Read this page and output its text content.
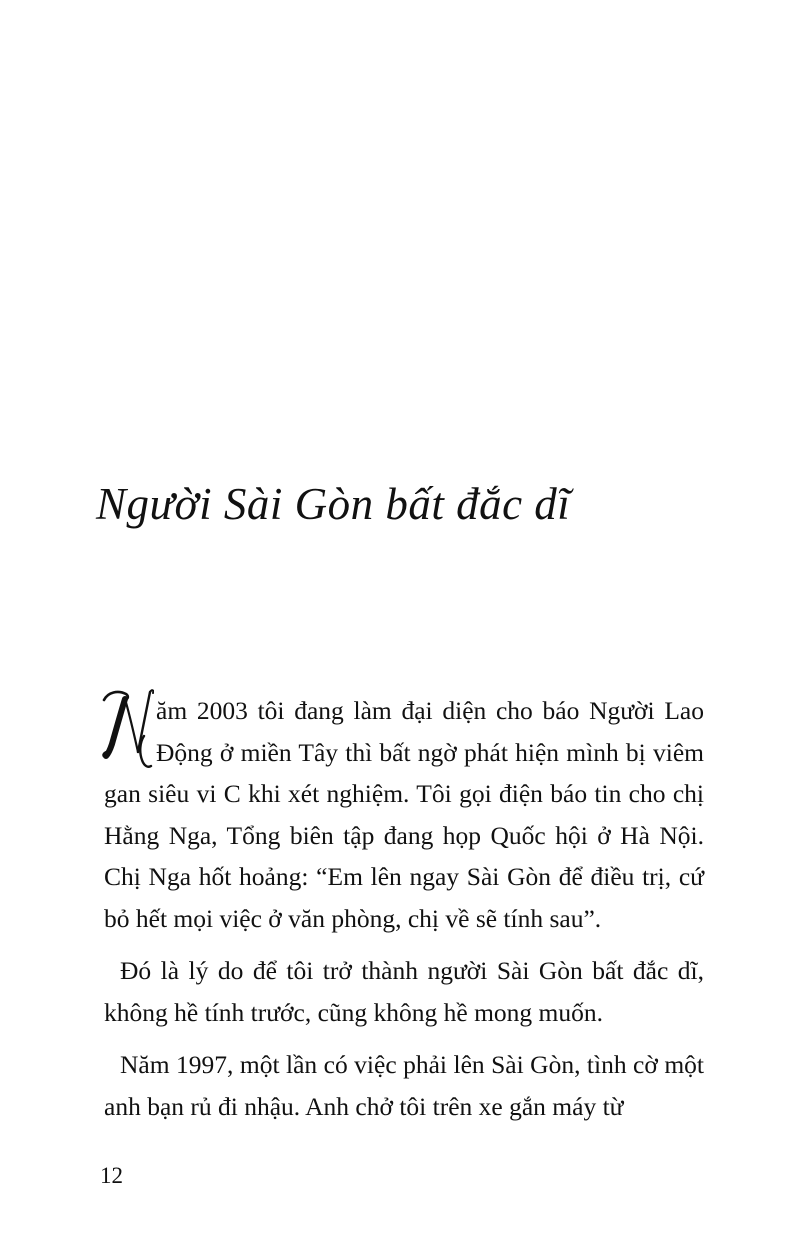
Người Sài Gòn bất đắc dĩ

ăm 2003 tôi đang làm đại diện cho báo Người Lao Động ở miền Tây thì bất ngờ phát hiện mình bị viêm gan siêu vi C khi xét nghiệm. Tôi gọi điện báo tin cho chị Hằng Nga, Tổng biên tập đang họp Quốc hội ở Hà Nội. Chị Nga hốt hoảng: “Em lên ngay Sài Gòn để điều trị, cứ bỏ hết mọi việc ở văn phòng, chị về sẽ tính sau”.

Đó là lý do để tôi trở thành người Sài Gòn bất đắc dĩ, không hề tính trước, cũng không hề mong muốn.

Năm 1997, một lần có việc phải lên Sài Gòn, tình cờ một anh bạn rủ đi nhậu. Anh chở tôi trên xe gắn máy từ

12
